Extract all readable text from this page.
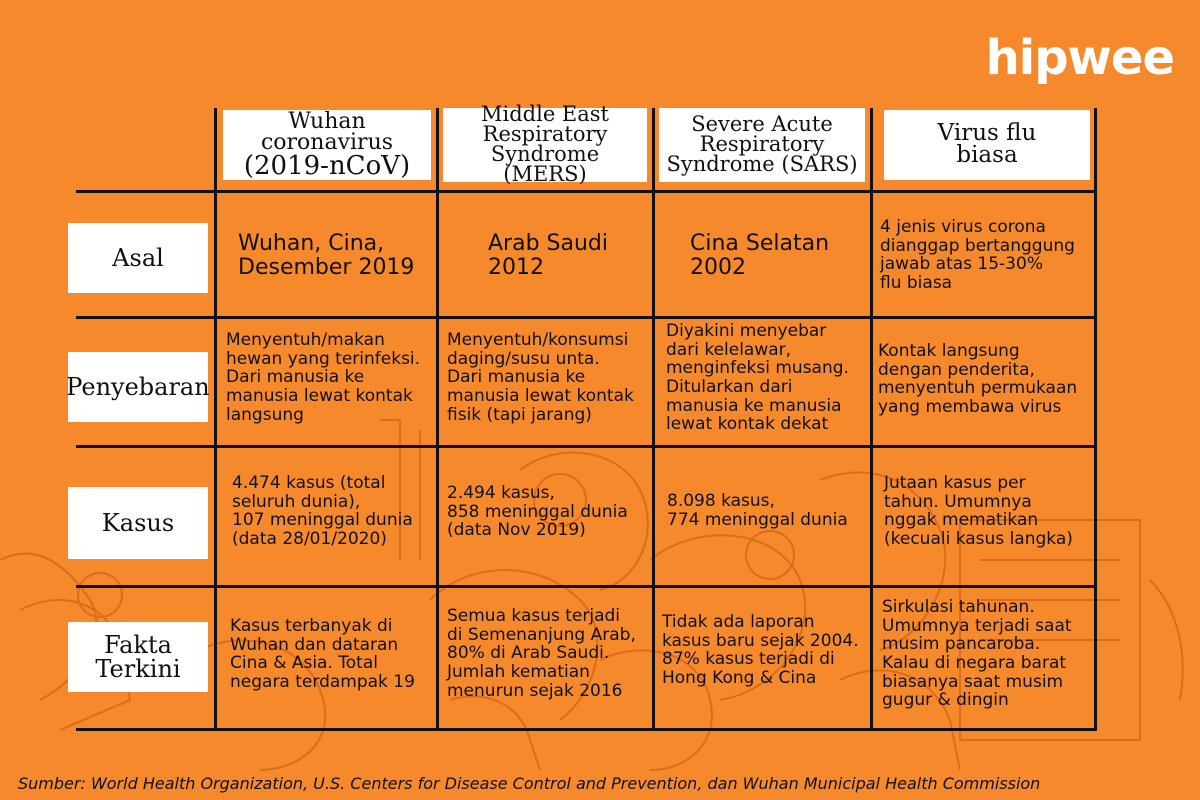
hipwee
Wuhan coronavirus
(2019-nCoV)
Middle East
Respiratory
Syndrome (MERS)
Severe Acute
Respiratory
Syndrome (SARS)
Virus flu
biasa
Asal
Penyebaran
Kasus
Fakta
Terkini
Wuhan, Cina,
Desember 2019
Arab Saudi
2012
Cina Selatan
2002
4 jenis virus corona
dianggap bertanggung
jawab atas 15-30%
flu biasa
Menyentuh/makan
hewan yang terinfeksi.
Dari manusia ke
manusia lewat kontak
langsung
Menyentuh/konsumsi
daging/susu unta.
Dari manusia ke
manusia lewat kontak
fisik (tapi jarang)
Diyakini menyebar
dari kelelawar,
menginfeksi musang.
Ditularkan dari
manusia ke manusia
lewat kontak dekat
Kontak langsung
dengan penderita,
menyentuh permukaan
yang membawa virus
4.474 kasus (total
seluruh dunia),
107 meninggal dunia
(data 28/01/2020)
2.494 kasus,
858 meninggal dunia
(data Nov 2019)
8.098 kasus,
774 meninggal dunia
Jutaan kasus per
tahun. Umumnya
nggak mematikan
(kecuali kasus langka)
Kasus terbanyak di
Wuhan dan dataran
Cina & Asia. Total
negara terdampak 19
Semua kasus terjadi
di Semenanjung Arab,
80% di Arab Saudi.
Jumlah kematian
menurun sejak 2016
Tidak ada laporan
kasus baru sejak 2004.
87% kasus terjadi di
Hong Kong & Cina
Sirkulasi tahunan.
Umumnya terjadi saat
musim pancaroba.
Kalau di negara barat
biasanya saat musim
gugur & dingin
Sumber: World Health Organization, U.S. Centers for Disease Control and Prevention, dan Wuhan Municipal Health Commission
